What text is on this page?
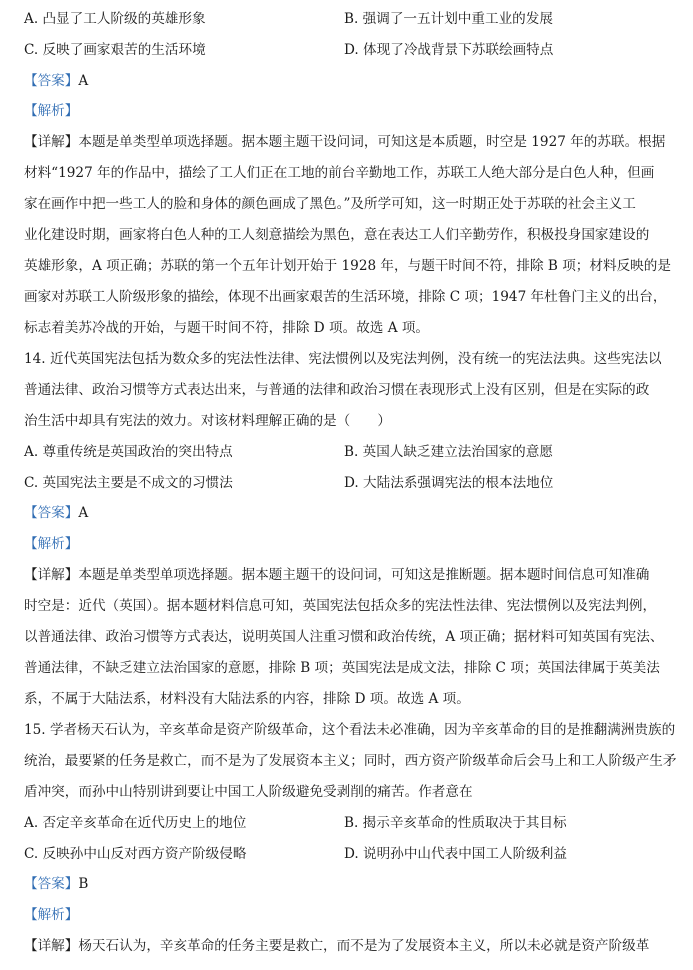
A. 凸显了工人阶级的英雄形象	B. 强调了一五计划中重工业的发展
C. 反映了画家艰苦的生活环境	D. 体现了冷战背景下苏联绘画特点
【答案】A
【解析】
【详解】本题是单类型单项选择题。据本题主题干设问词，可知这是本质题，时空是 1927 年的苏联。根据
材料“1927 年的作品中，描绘了工人们正在工地的前台辛勤地工作，苏联工人绝大部分是白色人种，但画
家在画作中把一些工人的脸和身体的颜色画成了黑色。”及所学可知，这一时期正处于苏联的社会主义工
业化建设时期，画家将白色人种的工人刻意描绘为黑色，意在表达工人们辛勤劳作，积极投身国家建设的
英雄形象，A 项正确；苏联的第一个五年计划开始于 1928 年，与题干时间不符，排除 B 项；材料反映的是
画家对苏联工人阶级形象的描绘，体现不出画家艰苦的生活环境，排除 C 项；1947 年杜鲁门主义的出台，
标志着美苏冷战的开始，与题干时间不符，排除 D 项。故选 A 项。
14. 近代英国宪法包括为数众多的宪法性法律、宪法惯例以及宪法判例，没有统一的宪法法典。这些宪法以
普通法律、政治习惯等方式表达出来，与普通的法律和政治习惯在表现形式上没有区别，但是在实际的政
治生活中却具有宪法的效力。对该材料理解正确的是（　　）
A. 尊重传统是英国政治的突出特点	B. 英国人缺乏建立法治国家的意愿
C. 英国宪法主要是不成文的习惯法	D. 大陆法系强调宪法的根本法地位
【答案】A
【解析】
【详解】本题是单类型单项选择题。据本题主题干的设问词，可知这是推断题。据本题时间信息可知准确
时空是：近代（英国）。据本题材料信息可知，英国宪法包括众多的宪法性法律、宪法惯例以及宪法判例，
以普通法律、政治习惯等方式表达，说明英国人注重习惯和政治传统，A 项正确；据材料可知英国有宪法、
普通法律，不缺乏建立法治国家的意愿，排除 B 项；英国宪法是成文法，排除 C 项；英国法律属于英美法
系，不属于大陆法系，材料没有大陆法系的内容，排除 D 项。故选 A 项。
15. 学者杨天石认为，辛亥革命是资产阶级革命，这个看法未必准确，因为辛亥革命的目的是推翻满洲贵族的
统治，最要紧的任务是救亡，而不是为了发展资本主义；同时，西方资产阶级革命后会马上和工人阶级产生矛
盾冲突，而孙中山特别讲到要让中国工人阶级避免受剥削的痛苦。作者意在
A. 否定辛亥革命在近代历史上的地位	B. 揭示辛亥革命的性质取决于其目标
C. 反映孙中山反对西方资产阶级侵略	D. 说明孙中山代表中国工人阶级利益
【答案】B
【解析】
【详解】杨天石认为，辛亥革命的任务主要是救亡，而不是为了发展资本主义，所以未必就是资产阶级革
